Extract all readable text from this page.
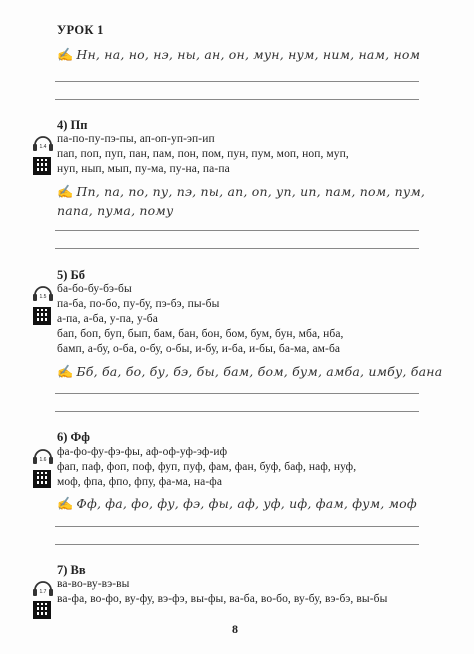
УРОК 1
✍ Нн, на, но, нэ, ны, ан, он, мун, нум, ним, нам, ном
4) Пп
1.4
па-по-пу-пэ-пы, ап-оп-уп-эп-ип
пап, поп, пуп, пан, пам, пон, пом, пун, пум, моп, ноп, муп,
нуп, нып, мып, пу-ма, пу-на, па-па
✍ Пп, па, по, пу, пэ, пы, ап, оп, уп, ип, пам, пом, пум,
папа, пума, пому
5) Бб
1.5
ба-бо-бу-бэ-бы
па-ба, по-бо, пу-бу, пэ-бэ, пы-бы
а-па, а-ба, у-па, у-ба
бап, боп, буп, бып, бам, бан, бон, бом, бум, бун, мба, нба,
бамп, а-бу, о-ба, о-бу, о-бы, и-бу, и-ба, и-бы, ба-ма, ам-ба
✍ Бб, ба, бо, бу, бэ, бы, бам, бом, бум, амба, имбу, бана
6) Фф
1.6
фа-фо-фу-фэ-фы, аф-оф-уф-эф-иф
фап, паф, фоп, поф, фуп, пуф, фам, фан, буф, баф, наф, нуф,
моф, фпа, фпо, фпу, фа-ма, на-фа
✍ Фф, фа, фо, фу, фэ, фы, аф, уф, иф, фам, фум, моф
7) Вв
1.7
ва-во-ву-вэ-вы
ва-фа, во-фо, ву-фу, вэ-фэ, вы-фы, ва-ба, во-бо, ву-бу, вэ-бэ, вы-бы
8
